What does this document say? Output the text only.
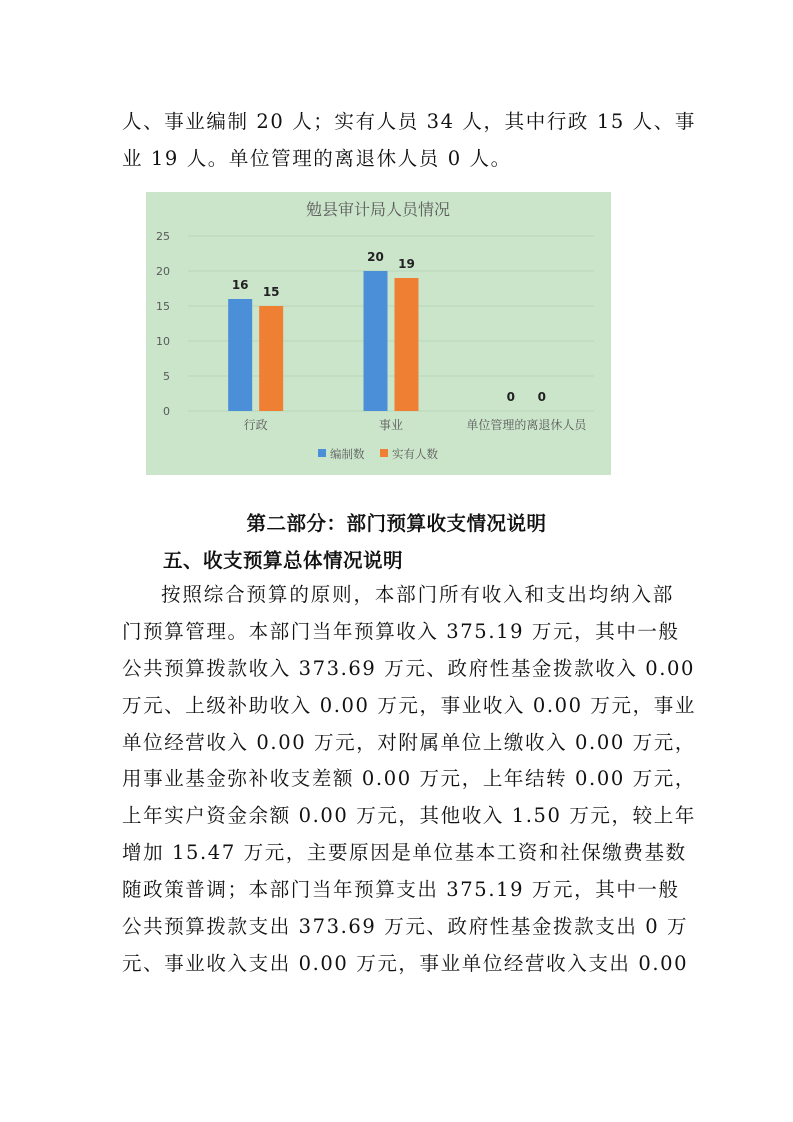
人、事业编制 20 人；实有人员 34 人，其中行政 15 人、事
业 19 人。单位管理的离退休人员 0 人。
勉县审计局人员情况
0
5
10
15
20
25
16 15
行政
20 19
事业
0 0
单位管理的离退休人员
编制数 实有人数
第二部分：部门预算收支情况说明
五、收支预算总体情况说明
按照综合预算的原则，本部门所有收入和支出均纳入部
门预算管理。本部门当年预算收入 375.19 万元，其中一般
公共预算拨款收入 373.69 万元、政府性基金拨款收入 0.00
万元、上级补助收入 0.00 万元，事业收入 0.00 万元，事业
单位经营收入 0.00 万元，对附属单位上缴收入 0.00 万元，
用事业基金弥补收支差额 0.00 万元，上年结转 0.00 万元，
上年实户资金余额 0.00 万元，其他收入 1.50 万元，较上年
增加 15.47 万元，主要原因是单位基本工资和社保缴费基数
随政策普调；本部门当年预算支出 375.19 万元，其中一般
公共预算拨款支出 373.69 万元、政府性基金拨款支出 0 万
元、事业收入支出 0.00 万元，事业单位经营收入支出 0.00
